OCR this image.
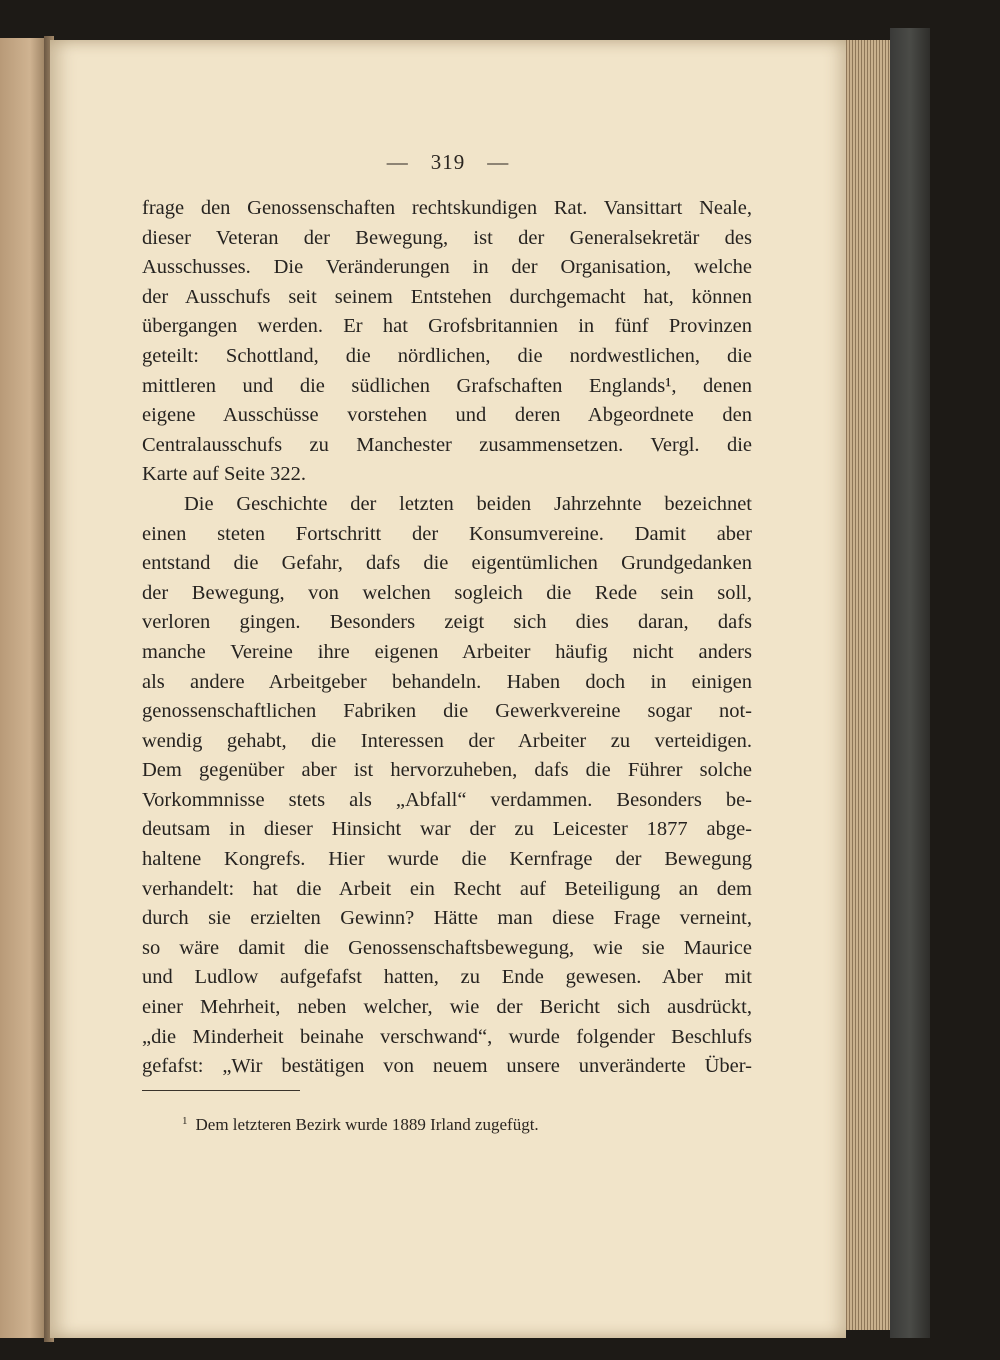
— 319 —
frage den Genossenschaften rechtskundigen Rat. Vansittart Neale,
dieser Veteran der Bewegung, ist der Generalsekretär des
Ausschusses. Die Veränderungen in der Organisation, welche
der Ausschufs seit seinem Entstehen durchgemacht hat, können
übergangen werden. Er hat Grofsbritannien in fünf Provinzen
geteilt: Schottland, die nördlichen, die nordwestlichen, die
mittleren und die südlichen Grafschaften Englands¹, denen
eigene Ausschüsse vorstehen und deren Abgeordnete den
Centralausschufs zu Manchester zusammensetzen. Vergl. die
Karte auf Seite 322.
Die Geschichte der letzten beiden Jahrzehnte bezeichnet
einen steten Fortschritt der Konsumvereine. Damit aber
entstand die Gefahr, dafs die eigentümlichen Grundgedanken
der Bewegung, von welchen sogleich die Rede sein soll,
verloren gingen. Besonders zeigt sich dies daran, dafs
manche Vereine ihre eigenen Arbeiter häufig nicht anders
als andere Arbeitgeber behandeln. Haben doch in einigen
genossenschaftlichen Fabriken die Gewerkvereine sogar not-
wendig gehabt, die Interessen der Arbeiter zu verteidigen.
Dem gegenüber aber ist hervorzuheben, dafs die Führer solche
Vorkommnisse stets als „Abfall“ verdammen. Besonders be-
deutsam in dieser Hinsicht war der zu Leicester 1877 abge-
haltene Kongrefs. Hier wurde die Kernfrage der Bewegung
verhandelt: hat die Arbeit ein Recht auf Beteiligung an dem
durch sie erzielten Gewinn? Hätte man diese Frage verneint,
so wäre damit die Genossenschaftsbewegung, wie sie Maurice
und Ludlow aufgefafst hatten, zu Ende gewesen. Aber mit
einer Mehrheit, neben welcher, wie der Bericht sich ausdrückt,
„die Minderheit beinahe verschwand“, wurde folgender Beschlufs
gefafst: „Wir bestätigen von neuem unsere unveränderte Über-
$^1$ Dem letzteren Bezirk wurde 1889 Irland zugefügt.
